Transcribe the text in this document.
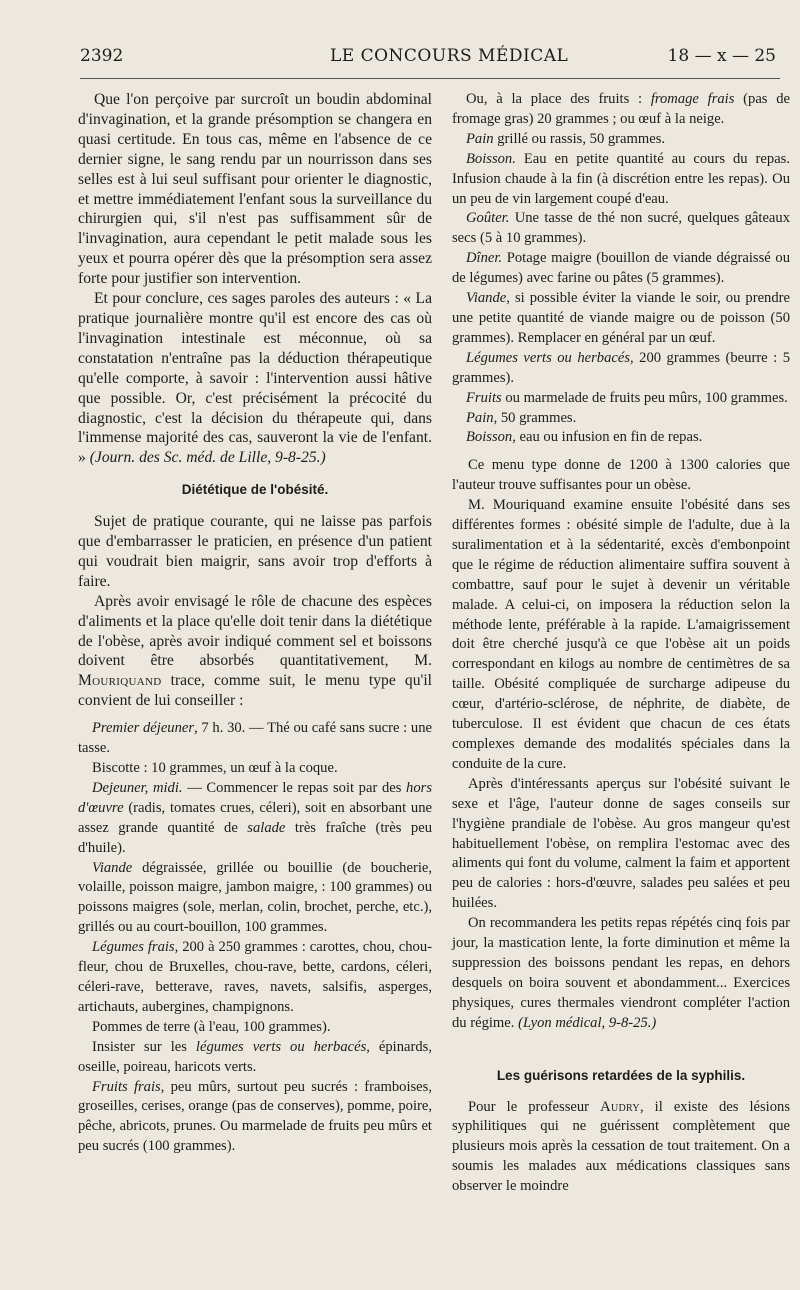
2392	LE CONCOURS MÉDICAL	18 — x — 25

Que l'on perçoive par surcroît un boudin abdominal d'invagination, et la grande présomption se changera en quasi certitude. En tous cas, même en l'absence de ce dernier signe, le sang rendu par un nourrisson dans ses selles est à lui seul suffisant pour orienter le diagnostic, et mettre immédiatement l'enfant sous la surveillance du chirurgien qui, s'il n'est pas suffisamment sûr de l'invagination, aura cependant le petit malade sous les yeux et pourra opérer dès que la présomption sera assez forte pour justifier son intervention.

Et pour conclure, ces sages paroles des auteurs : « La pratique journalière montre qu'il est encore des cas où l'invagination intestinale est méconnue, où sa constatation n'entraîne pas la déduction thérapeutique qu'elle comporte, à savoir : l'intervention aussi hâtive que possible. Or, c'est précisément la précocité du diagnostic, c'est la décision du thérapeute qui, dans l'immense majorité des cas, sauveront la vie de l'enfant. » (Journ. des Sc. méd. de Lille, 9-8-25.)

Diététique de l'obésité.

Sujet de pratique courante, qui ne laisse pas parfois que d'embarrasser le praticien, en présence d'un patient qui voudrait bien maigrir, sans avoir trop d'efforts à faire.

Après avoir envisagé le rôle de chacune des espèces d'aliments et la place qu'elle doit tenir dans la diététique de l'obèse, après avoir indiqué comment sel et boissons doivent être absorbés quantitativement, M. Mouriquand trace, comme suit, le menu type qu'il convient de lui conseiller :

Premier déjeuner, 7 h. 30. — Thé ou café sans sucre : une tasse.

Biscotte : 10 grammes, un œuf à la coque.

Dejeuner, midi. — Commencer le repas soit par des hors d'œuvre (radis, tomates crues, céleri), soit en absorbant une assez grande quantité de salade très fraîche (très peu d'huile).

Viande dégraissée, grillée ou bouillie (de boucherie, volaille, poisson maigre, jambon maigre, : 100 grammes) ou poissons maigres (sole, merlan, colin, brochet, perche, etc.), grillés ou au court-bouillon, 100 grammes.

Légumes frais, 200 à 250 grammes : carottes, chou, chou-fleur, chou de Bruxelles, chou-rave, bette, cardons, céleri, céleri-rave, betterave, raves, navets, salsifis, asperges, artichauts, aubergines, champignons.

Pommes de terre (à l'eau, 100 grammes).

Insister sur les légumes verts ou herbacés, épinards, oseille, poireau, haricots verts.

Fruits frais, peu mûrs, surtout peu sucrés : framboises, groseilles, cerises, orange (pas de conserves), pomme, poire, pêche, abricots, prunes. Ou marmelade de fruits peu mûrs et peu sucrés (100 grammes).

Ou, à la place des fruits : fromage frais (pas de fromage gras) 20 grammes ; ou œuf à la neige.

Pain grillé ou rassis, 50 grammes.

Boisson. Eau en petite quantité au cours du repas. Infusion chaude à la fin (à discrétion entre les repas). Ou un peu de vin largement coupé d'eau.

Goûter. Une tasse de thé non sucré, quelques gâteaux secs (5 à 10 grammes).

Dîner. Potage maigre (bouillon de viande dégraissé ou de légumes) avec farine ou pâtes (5 grammes).

Viande, si possible éviter la viande le soir, ou prendre une petite quantité de viande maigre ou de poisson (50 grammes). Remplacer en général par un œuf.

Légumes verts ou herbacés, 200 grammes (beurre : 5 grammes).

Fruits ou marmelade de fruits peu mûrs, 100 grammes.

Pain, 50 grammes.

Boisson, eau ou infusion en fin de repas.

Ce menu type donne de 1200 à 1300 calories que l'auteur trouve suffisantes pour un obèse.

M. Mouriquand examine ensuite l'obésité dans ses différentes formes : obésité simple de l'adulte, due à la suralimentation et à la sédentarité, excès d'embonpoint que le régime de réduction alimentaire suffira souvent à combattre, sauf pour le sujet à devenir un véritable malade. A celui-ci, on imposera la réduction selon la méthode lente, préférable à la rapide. L'amaigrissement doit être cherché jusqu'à ce que l'obèse ait un poids correspondant en kilogs au nombre de centimètres de sa taille. Obésité compliquée de surcharge adipeuse du cœur, d'artério-sclérose, de néphrite, de diabète, de tuberculose. Il est évident que chacun de ces états complexes demande des modalités spéciales dans la conduite de la cure.

Après d'intéressants aperçus sur l'obésité suivant le sexe et l'âge, l'auteur donne de sages conseils sur l'hygiène prandiale de l'obèse. Au gros mangeur qu'est habituellement l'obèse, on remplira l'estomac avec des aliments qui font du volume, calment la faim et apportent peu de calories : hors-d'œuvre, salades peu salées et peu huilées.

On recommandera les petits repas répétés cinq fois par jour, la mastication lente, la forte diminution et même la suppression des boissons pendant les repas, en dehors desquels on boira souvent et abondamment... Exercices physiques, cures thermales viendront compléter l'action du régime. (Lyon médical, 9-8-25.)

Les guérisons retardées de la syphilis.

Pour le professeur Audry, il existe des lésions syphilitiques qui ne guérissent complètement que plusieurs mois après la cessation de tout traitement. On a soumis les malades aux médications classiques sans observer le moindre
